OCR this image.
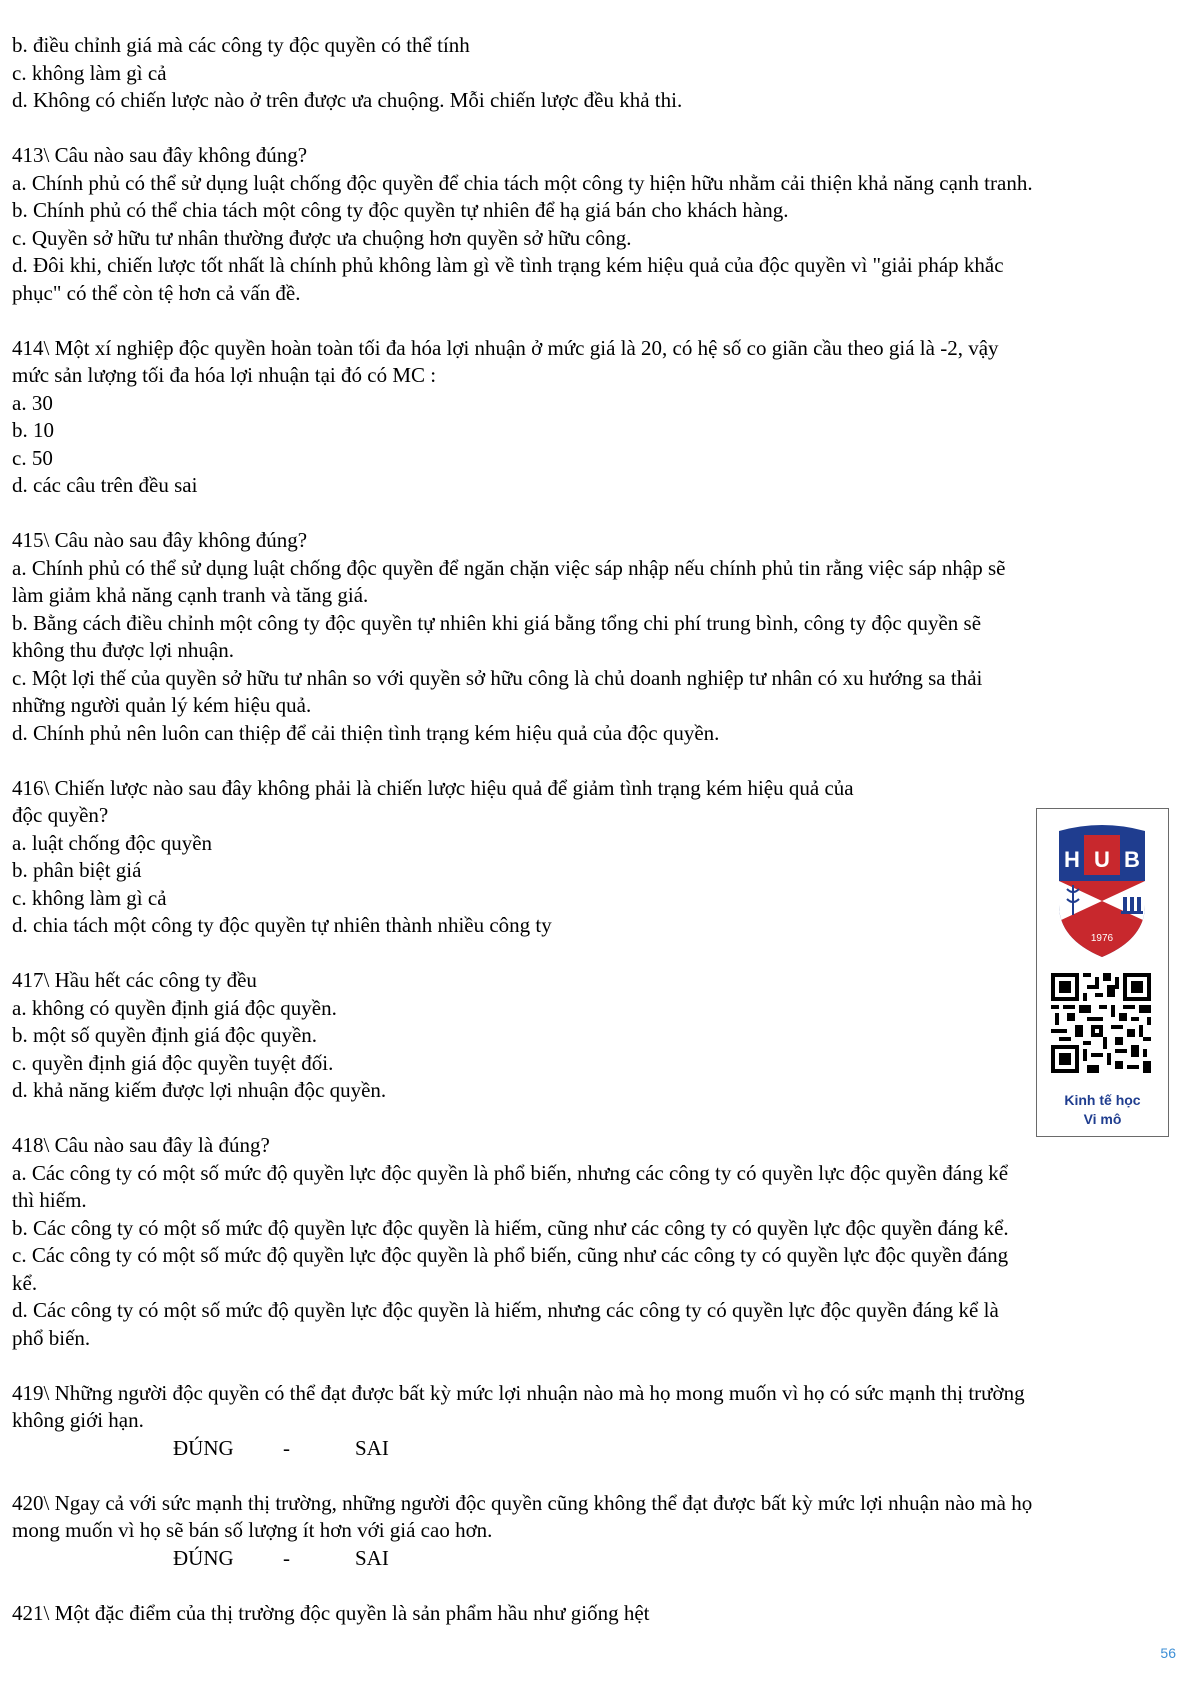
b. điều chỉnh giá mà các công ty độc quyền có thể tính
c. không làm gì cả
d. Không có chiến lược nào ở trên được ưa chuộng. Mỗi chiến lược đều khả thi.
413\ Câu nào sau đây không đúng?
a. Chính phủ có thể sử dụng luật chống độc quyền để chia tách một công ty hiện hữu nhằm cải thiện khả năng cạnh tranh.
b. Chính phủ có thể chia tách một công ty độc quyền tự nhiên để hạ giá bán cho khách hàng.
c. Quyền sở hữu tư nhân thường được ưa chuộng hơn quyền sở hữu công.
d. Đôi khi, chiến lược tốt nhất là chính phủ không làm gì về tình trạng kém hiệu quả của độc quyền vì "giải pháp khắc
phục" có thể còn tệ hơn cả vấn đề.
414\ Một xí nghiệp độc quyền hoàn toàn tối đa hóa lợi nhuận ở mức giá là 20, có hệ số co giãn cầu theo giá là -2, vậy
mức sản lượng tối đa hóa lợi nhuận tại đó có MC :
a. 30
b. 10
c. 50
d. các câu trên đều sai
415\ Câu nào sau đây không đúng?
a. Chính phủ có thể sử dụng luật chống độc quyền để ngăn chặn việc sáp nhập nếu chính phủ tin rằng việc sáp nhập sẽ
làm giảm khả năng cạnh tranh và tăng giá.
b. Bằng cách điều chỉnh một công ty độc quyền tự nhiên khi giá bằng tổng chi phí trung bình, công ty độc quyền sẽ
không thu được lợi nhuận.
c. Một lợi thế của quyền sở hữu tư nhân so với quyền sở hữu công là chủ doanh nghiệp tư nhân có xu hướng sa thải
những người quản lý kém hiệu quả.
d. Chính phủ nên luôn can thiệp để cải thiện tình trạng kém hiệu quả của độc quyền.
416\ Chiến lược nào sau đây không phải là chiến lược hiệu quả để giảm tình trạng kém hiệu quả của
độc quyền?
a. luật chống độc quyền
b. phân biệt giá
c. không làm gì cả
d. chia tách một công ty độc quyền tự nhiên thành nhiều công ty
417\ Hầu hết các công ty đều
a. không có quyền định giá độc quyền.
b. một số quyền định giá độc quyền.
c. quyền định giá độc quyền tuyệt đối.
d. khả năng kiếm được lợi nhuận độc quyền.
418\ Câu nào sau đây là đúng?
a. Các công ty có một số mức độ quyền lực độc quyền là phổ biến, nhưng các công ty có quyền lực độc quyền đáng kể
thì hiếm.
b. Các công ty có một số mức độ quyền lực độc quyền là hiếm, cũng như các công ty có quyền lực độc quyền đáng kể.
c. Các công ty có một số mức độ quyền lực độc quyền là phổ biến, cũng như các công ty có quyền lực độc quyền đáng
kể.
d. Các công ty có một số mức độ quyền lực độc quyền là hiếm, nhưng các công ty có quyền lực độc quyền đáng kể là
phổ biến.
419\ Những người độc quyền có thể đạt được bất kỳ mức lợi nhuận nào mà họ mong muốn vì họ có sức mạnh thị trường
không giới hạn.
ĐÚNG -	SAI
420\ Ngay cả với sức mạnh thị trường, những người độc quyền cũng không thể đạt được bất kỳ mức lợi nhuận nào mà họ
mong muốn vì họ sẽ bán số lượng ít hơn với giá cao hơn.
ĐÚNG -	SAI
421\ Một đặc điểm của thị trường độc quyền là sản phẩm hầu như giống hệt
H U B
1976
Kinh tế học
Vi mô
56
